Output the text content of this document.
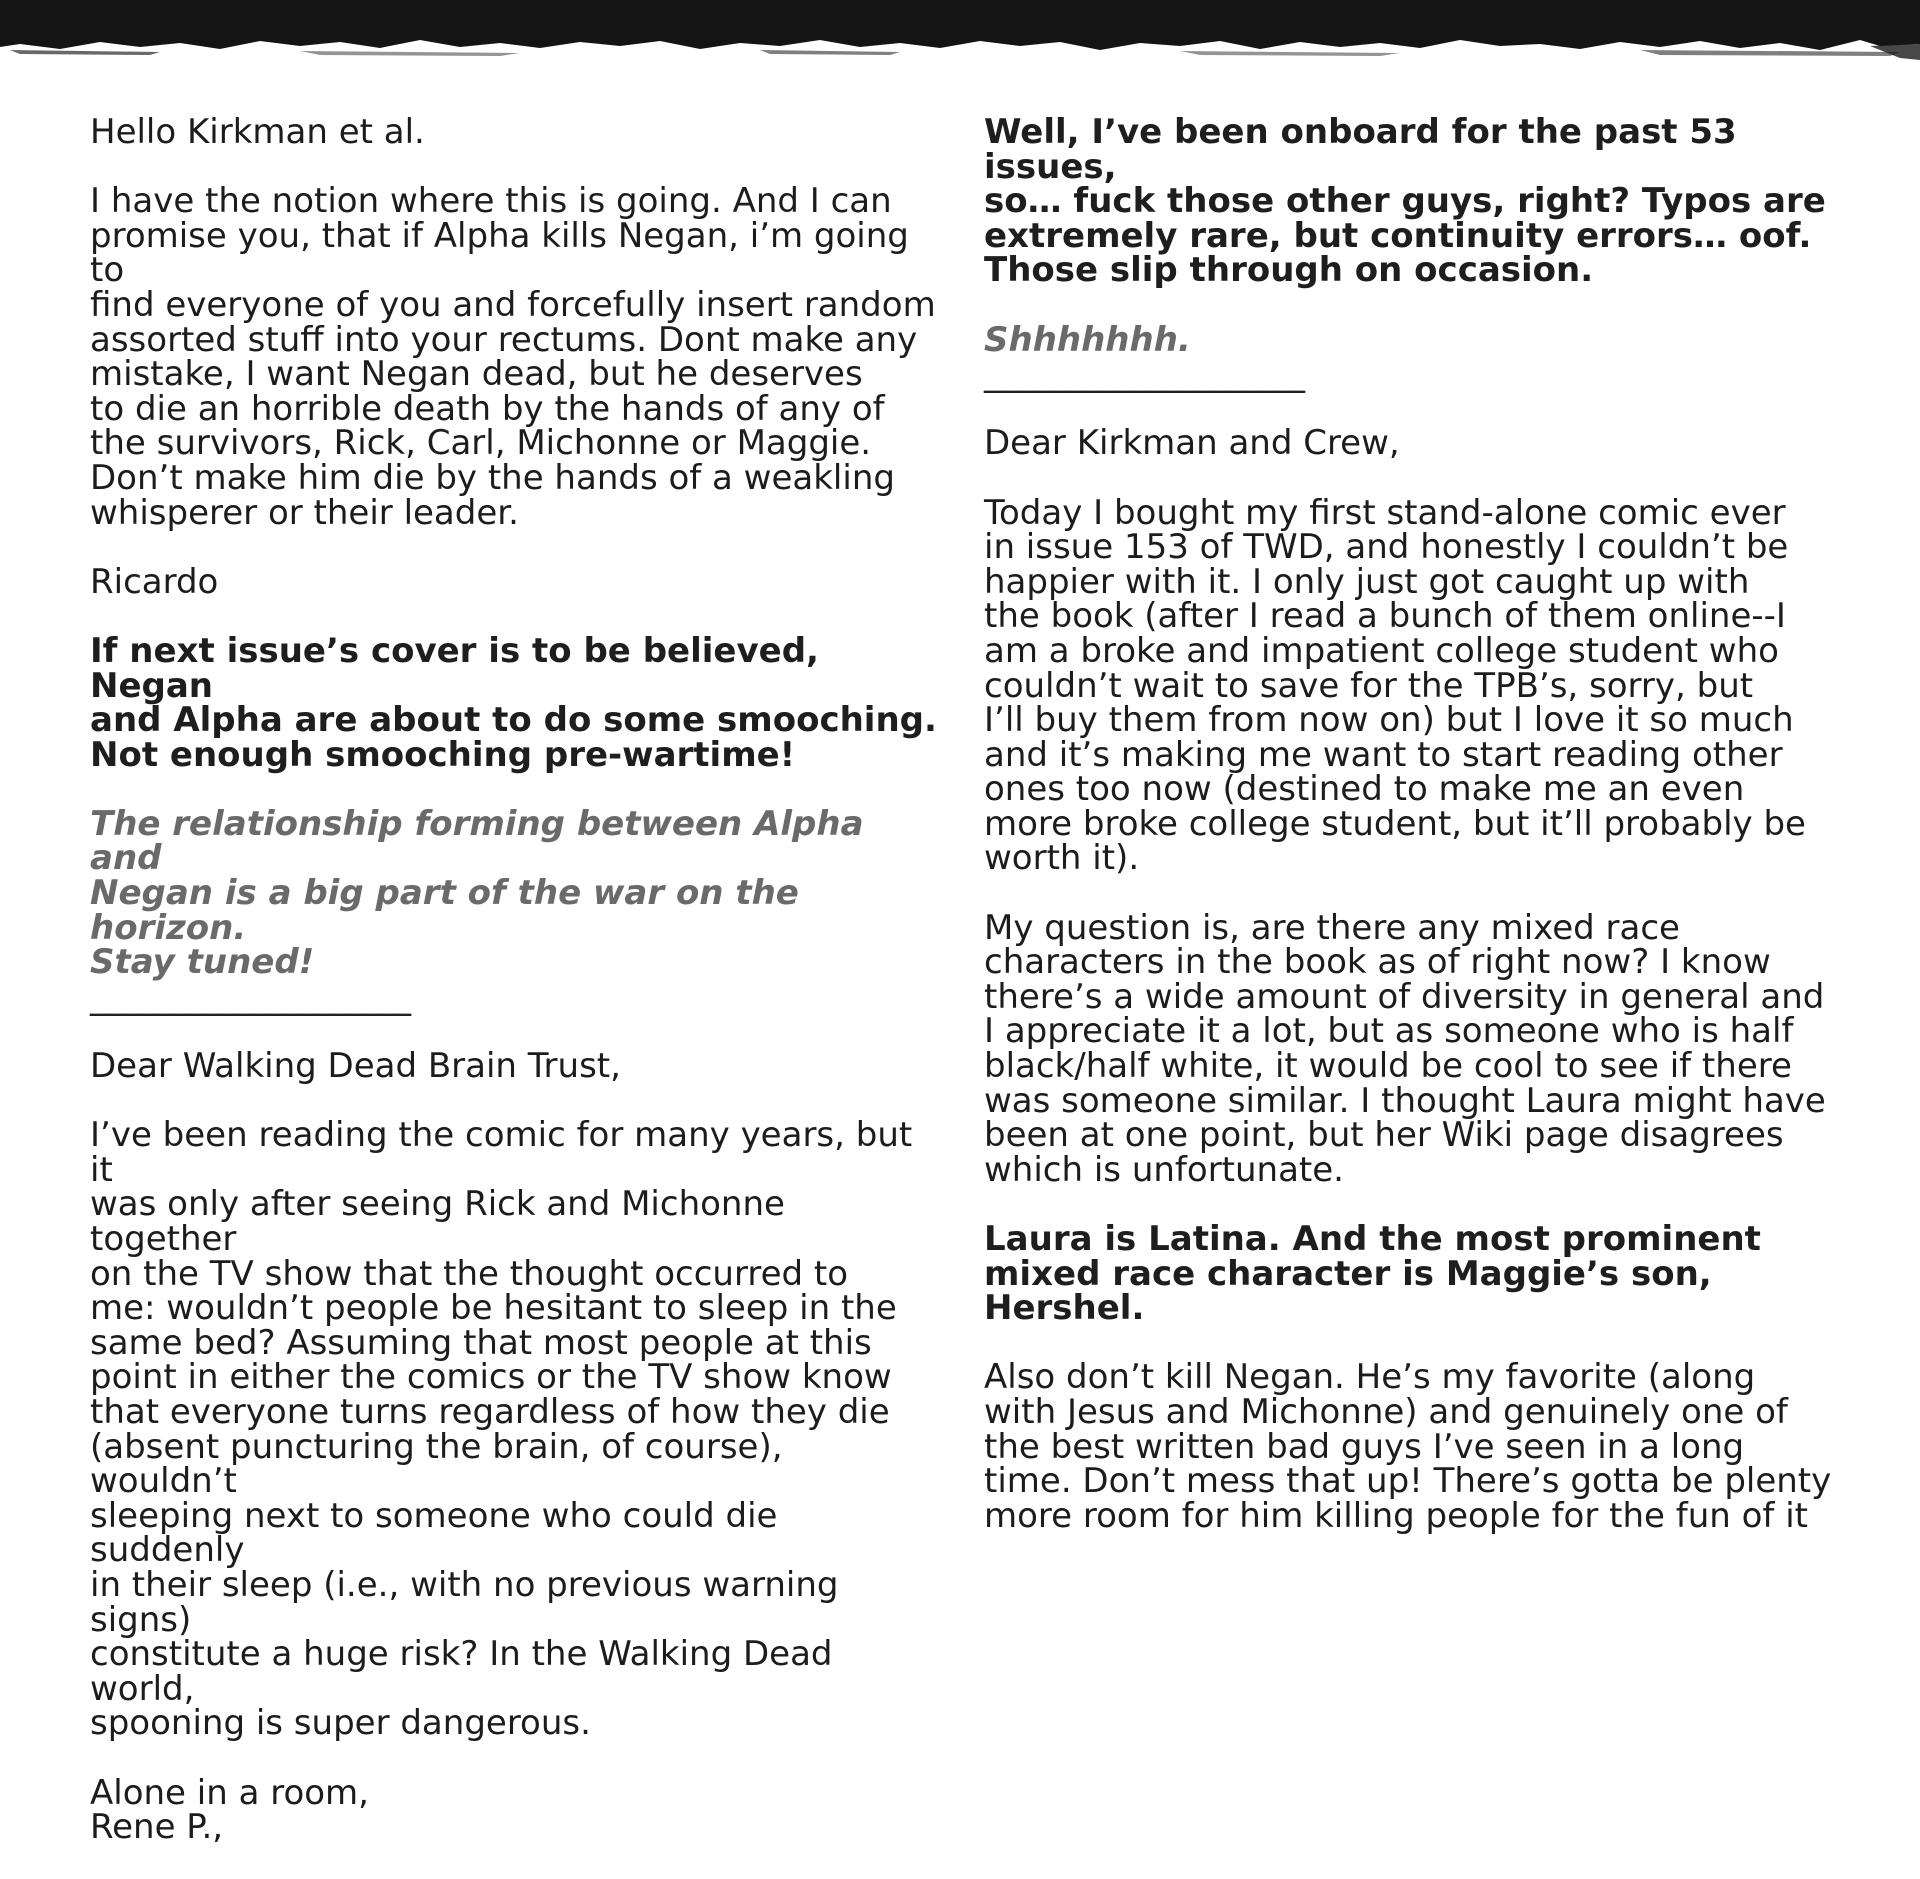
Hello Kirkman et al.

I have the notion where this is going. And I can
promise you, that if Alpha kills Negan, i’m going to
find everyone of you and forcefully insert random
assorted stuff into your rectums. Dont make any
mistake, I want Negan dead, but he deserves
to die an horrible death by the hands of any of
the survivors, Rick, Carl, Michonne or Maggie.
Don’t make him die by the hands of a weakling
whisperer or their leader.

Ricardo

If next issue’s cover is to be believed, Negan
and Alpha are about to do some smooching.
Not enough smooching pre-wartime!

The relationship forming between Alpha and
Negan is a big part of the war on the horizon.
Stay tuned!

____________________

Dear Walking Dead Brain Trust,

I’ve been reading the comic for many years, but it
was only after seeing Rick and Michonne together
on the TV show that the thought occurred to
me: wouldn’t people be hesitant to sleep in the
same bed? Assuming that most people at this
point in either the comics or the TV show know
that everyone turns regardless of how they die
(absent puncturing the brain, of course), wouldn’t
sleeping next to someone who could die suddenly
in their sleep (i.e., with no previous warning signs)
constitute a huge risk? In the Walking Dead world,
spooning is super dangerous.

Alone in a room,
Rene P.,

Well, I’ve been onboard for the past 53 issues,
so… fuck those other guys, right? Typos are
extremely rare, but continuity errors… oof.
Those slip through on occasion.

Shhhhhhh.

____________________

Dear Kirkman and Crew,

Today I bought my first stand-alone comic ever
in issue 153 of TWD, and honestly I couldn’t be
happier with it. I only just got caught up with
the book (after I read a bunch of them online--I
am a broke and impatient college student who
couldn’t wait to save for the TPB’s, sorry, but
I’ll buy them from now on) but I love it so much
and it’s making me want to start reading other
ones too now (destined to make me an even
more broke college student, but it’ll probably be
worth it).

My question is, are there any mixed race
characters in the book as of right now? I know
there’s a wide amount of diversity in general and
I appreciate it a lot, but as someone who is half
black/half white, it would be cool to see if there
was someone similar. I thought Laura might have
been at one point, but her Wiki page disagrees
which is unfortunate.

Laura is Latina. And the most prominent
mixed race character is Maggie’s son,
Hershel.

Also don’t kill Negan. He’s my favorite (along
with Jesus and Michonne) and genuinely one of
the best written bad guys I’ve seen in a long
time. Don’t mess that up! There’s gotta be plenty
more room for him killing people for the fun of it
